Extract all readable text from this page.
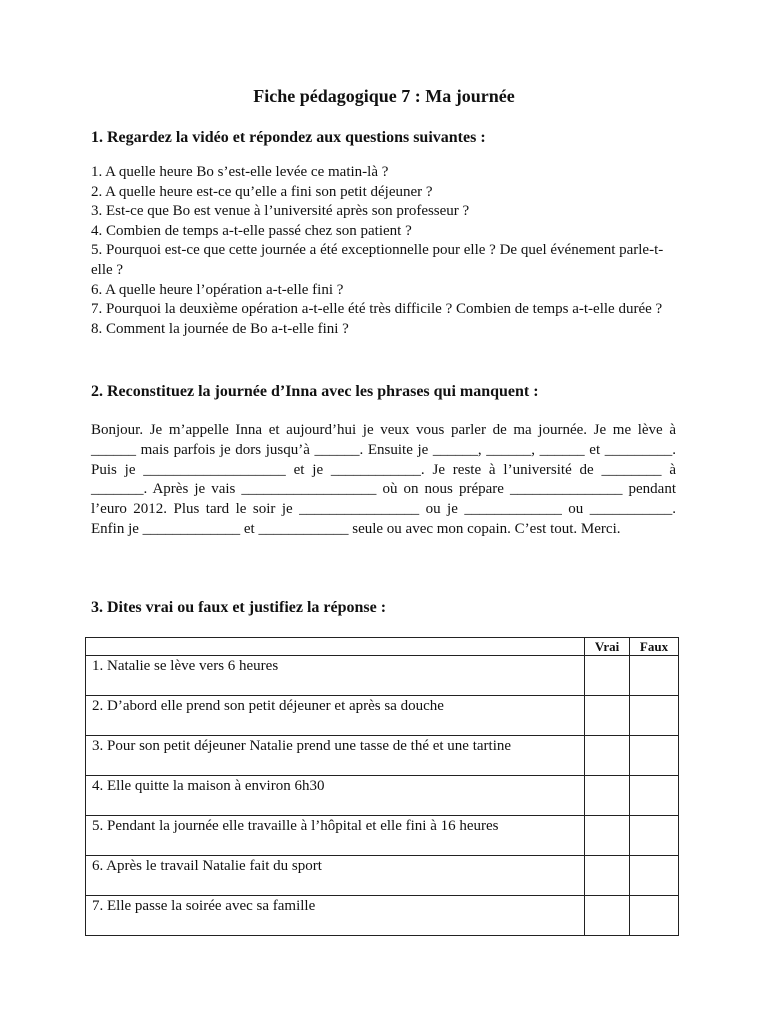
Fiche pédagogique 7 : Ma journée
1. Regardez la vidéo et répondez aux questions suivantes :
1. A quelle heure Bo s’est-elle levée ce matin-là ?
2. A quelle heure est-ce qu’elle a fini son petit déjeuner ?
3. Est-ce que Bo est venue à l’université après son professeur ?
4. Combien de temps a-t-elle passé chez son patient ?
5. Pourquoi est-ce que cette journée a été exceptionnelle pour elle ? De quel événement parle-t-elle ?
6. A quelle heure l’opération a-t-elle fini ?
7. Pourquoi la deuxième opération a-t-elle été très difficile ? Combien de temps a-t-elle durée ?
8. Comment la journée de Bo a-t-elle fini ?
2. Reconstituez la journée d’Inna avec les phrases qui manquent :

Bonjour. Je m’appelle Inna et aujourd’hui je veux vous parler de ma journée. Je me lève à ______ mais parfois je dors jusqu’à ______. Ensuite je ______, ______, ______ et _________. Puis je ___________________ et je ____________. Je reste à l’université de ________ à _______. Après je vais __________________ où on nous prépare _______________ pendant l’euro 2012. Plus tard le soir je ________________ ou je _____________ ou ___________. Enfin je _____________ et ____________ seule ou avec mon copain. C’est tout. Merci.

3. Dites vrai ou faux et justifiez la réponse :
	Vrai	Faux
1. Natalie se lève vers 6 heures		
2. D’abord elle prend son petit déjeuner et après sa douche		
3. Pour son petit déjeuner Natalie prend une tasse de thé et une tartine		
4. Elle quitte la maison à environ 6h30		
5. Pendant la journée elle travaille à l’hôpital et elle fini à 16 heures		
6. Après le travail Natalie fait du sport		
7. Elle passe la soirée avec sa famille		
